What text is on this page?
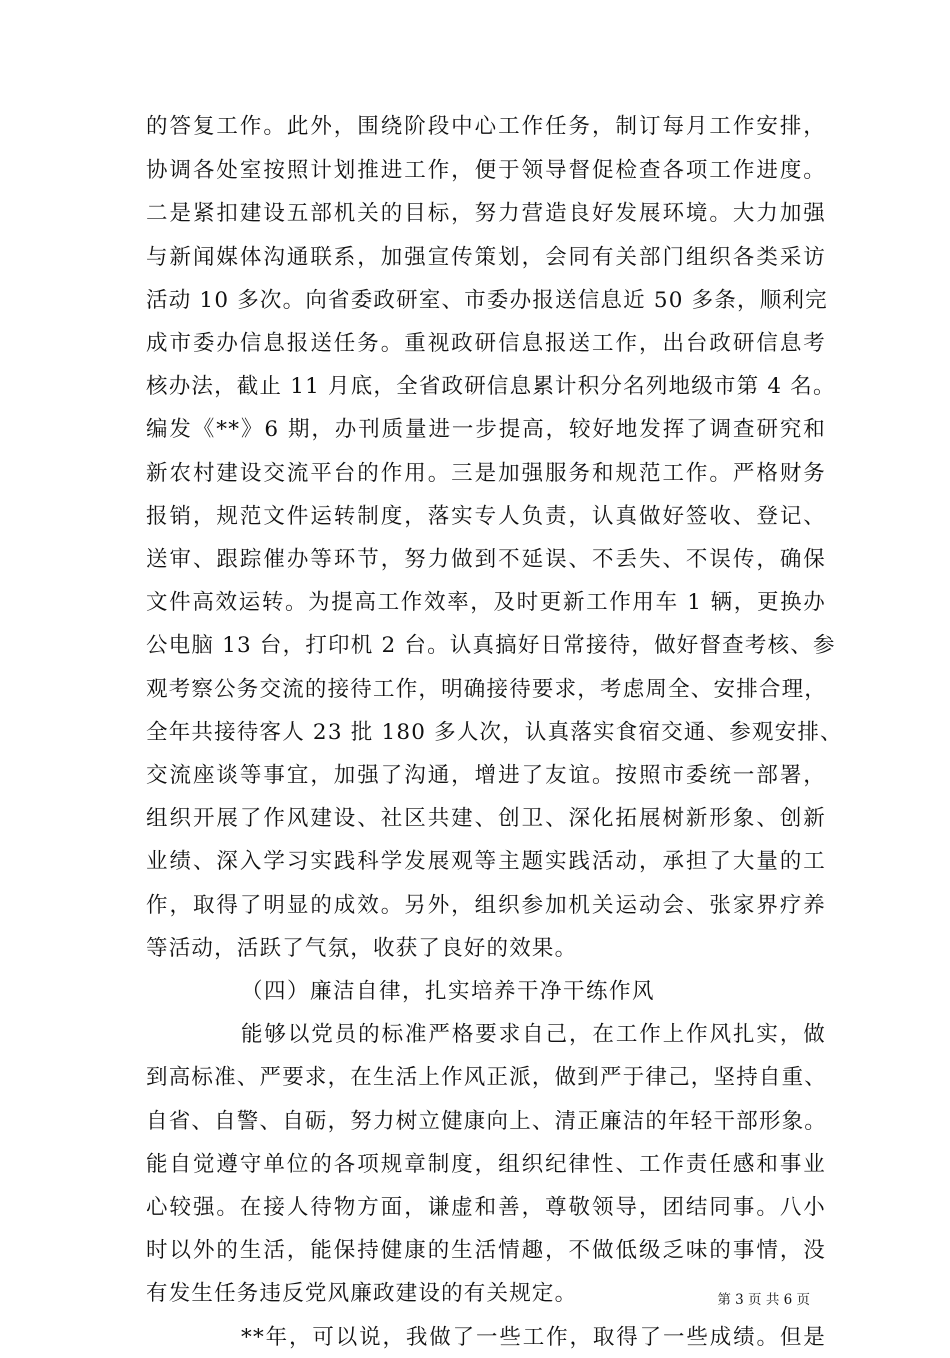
的答复工作。此外，围绕阶段中心工作任务，制订每月工作安排，
协调各处室按照计划推进工作，便于领导督促检查各项工作进度。
二是紧扣建设五部机关的目标，努力营造良好发展环境。大力加强
与新闻媒体沟通联系，加强宣传策划，会同有关部门组织各类采访
活动 10 多次。向省委政研室、市委办报送信息近 50 多条，顺利完
成市委办信息报送任务。重视政研信息报送工作，出台政研信息考
核办法，截止 11 月底，全省政研信息累计积分名列地级市第 4 名。
编发《**》6 期，办刊质量进一步提高，较好地发挥了调查研究和
新农村建设交流平台的作用。三是加强服务和规范工作。严格财务
报销，规范文件运转制度，落实专人负责，认真做好签收、登记、
送审、跟踪催办等环节，努力做到不延误、不丢失、不误传，确保
文件高效运转。为提高工作效率，及时更新工作用车 1 辆，更换办
公电脑 13 台，打印机 2 台。认真搞好日常接待，做好督查考核、参
观考察公务交流的接待工作，明确接待要求，考虑周全、安排合理，
全年共接待客人 23 批 180 多人次，认真落实食宿交通、参观安排、
交流座谈等事宜，加强了沟通，增进了友谊。按照市委统一部署，
组织开展了作风建设、社区共建、创卫、深化拓展树新形象、创新
业绩、深入学习实践科学发展观等主题实践活动，承担了大量的工
作，取得了明显的成效。另外，组织参加机关运动会、张家界疗养
等活动，活跃了气氛，收获了良好的效果。
（四）廉洁自律，扎实培养干净干练作风
能够以党员的标准严格要求自己，在工作上作风扎实，做
到高标准、严要求，在生活上作风正派，做到严于律己，坚持自重、
自省、自警、自砺，努力树立健康向上、清正廉洁的年轻干部形象。
能自觉遵守单位的各项规章制度，组织纪律性、工作责任感和事业
心较强。在接人待物方面，谦虚和善，尊敬领导，团结同事。八小
时以外的生活，能保持健康的生活情趣，不做低级乏味的事情，没
有发生任务违反党风廉政建设的有关规定。
**年，可以说，我做了一些工作，取得了一些成绩。但是
第 3 页 共 6 页
